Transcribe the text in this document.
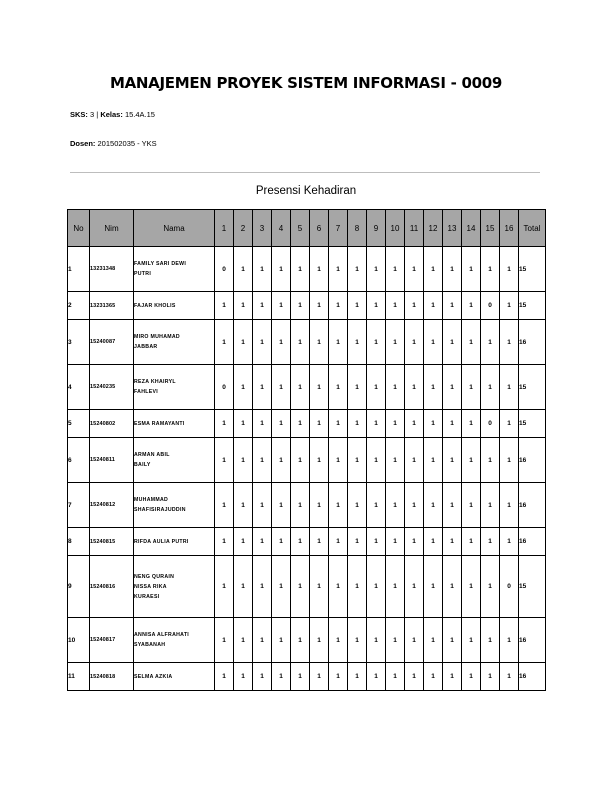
MANAJEMEN PROYEK SISTEM INFORMASI - 0009
SKS: 3 | Kelas: 15.4A.15
Dosen: 201502035 - YKS
Presensi Kehadiran
No	Nim	Nama	1	2	3	4	5	6	7	8	9	10	11	12	13	14	15	16	Total
1	13231348	FAMILY SARI DEWI
PUTRI	0	1	1	1	1	1	1	1	1	1	1	1	1	1	1	1	15
2	13231365	FAJAR KHOLIS	1	1	1	1	1	1	1	1	1	1	1	1	1	1	0	1	15
3	15240087	MIRO MUHAMAD
JABBAR	1	1	1	1	1	1	1	1	1	1	1	1	1	1	1	1	16
4	15240235	REZA KHAIRYL
FAHLEVI	0	1	1	1	1	1	1	1	1	1	1	1	1	1	1	1	15
5	15240802	ESMA RAMAYANTI	1	1	1	1	1	1	1	1	1	1	1	1	1	1	0	1	15
6	15240811	ARMAN ABIL
BAILY	1	1	1	1	1	1	1	1	1	1	1	1	1	1	1	1	16
7	15240812	MUHAMMAD
SHAFISIRAJUDDIN	1	1	1	1	1	1	1	1	1	1	1	1	1	1	1	1	16
8	15240815	RIFDA AULIA PUTRI	1	1	1	1	1	1	1	1	1	1	1	1	1	1	1	1	16
9	15240816	NENG QURAIN
NISSA RIKA
KURAESI	1	1	1	1	1	1	1	1	1	1	1	1	1	1	1	0	15
10	15240817	ANNISA ALFRAHATI
SYABANAH	1	1	1	1	1	1	1	1	1	1	1	1	1	1	1	1	16
11	15240818	SELMA AZKIA	1	1	1	1	1	1	1	1	1	1	1	1	1	1	1	1	16
